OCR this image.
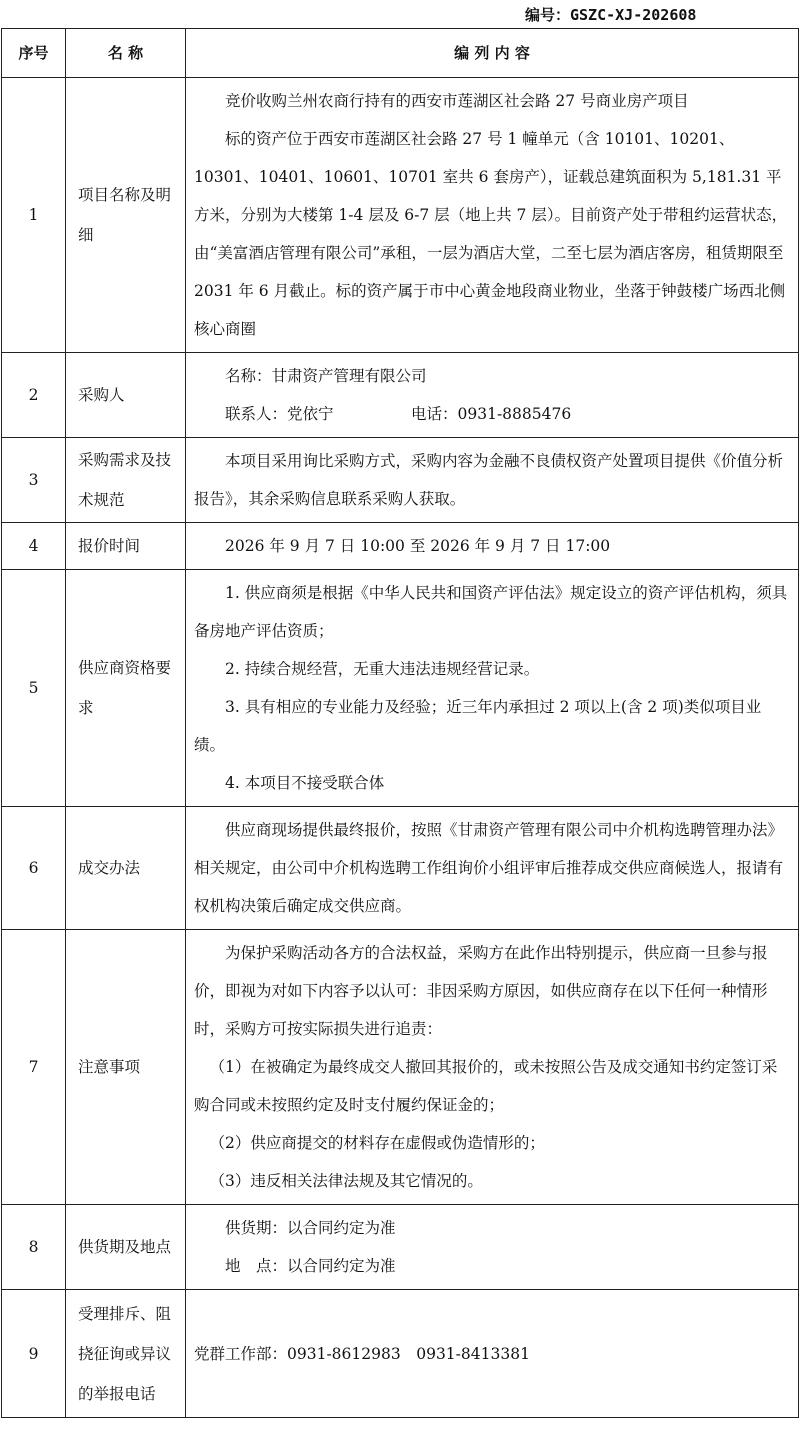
编号：GSZC-XJ-202608
序号	名 称	编 列 内 容
1	项目名称及明细	竞价收购兰州农商行持有的西安市莲湖区社会路 27 号商业房产项目

标的资产位于西安市莲湖区社会路 27 号 1 幢单元（含 10101、10201、10301、10401、10601、10701 室共 6 套房产），证载总建筑面积为 5,181.31 平方米，分别为大楼第 1-4 层及 6-7 层（地上共 7 层）。目前资产处于带租约运营状态，由“美富酒店管理有限公司”承租，一层为酒店大堂，二至七层为酒店客房，租赁期限至 2031 年 6 月截止。标的资产属于市中心黄金地段商业物业，坐落于钟鼓楼广场西北侧核心商圈

2	采购人	名称：甘肃资产管理有限公司

联系人：党依宁　　　　　电话：0931-8885476

3	采购需求及技术规范	本项目采用询比采购方式，采购内容为金融不良债权资产处置项目提供《价值分析报告》，其余采购信息联系采购人获取。

4	报价时间	2026 年 9 月 7 日 10:00 至 2026 年 9 月 7 日 17:00

5	供应商资格要求	1. 供应商须是根据《中华人民共和国资产评估法》规定设立的资产评估机构，须具备房地产评估资质；

2. 持续合规经营，无重大违法违规经营记录。

3. 具有相应的专业能力及经验；近三年内承担过 2 项以上(含 2 项)类似项目业绩。

4. 本项目不接受联合体

6	成交办法	供应商现场提供最终报价，按照《甘肃资产管理有限公司中介机构选聘管理办法》相关规定，由公司中介机构选聘工作组询价小组评审后推荐成交供应商候选人，报请有权机构决策后确定成交供应商。

7	注意事项	为保护采购活动各方的合法权益，采购方在此作出特别提示，供应商一旦参与报价，即视为对如下内容予以认可：非因采购方原因，如供应商存在以下任何一种情形时，采购方可按实际损失进行追责：

（1）在被确定为最终成交人撤回其报价的，或未按照公告及成交通知书约定签订采购合同或未按照约定及时支付履约保证金的；

（2）供应商提交的材料存在虚假或伪造情形的；

（3）违反相关法律法规及其它情况的。

8	供货期及地点	供货期：以合同约定为准

地　点：以合同约定为准

9	受理排斥、阻挠征询或异议的举报电话	党群工作部：0931-8612983　0931-8413381
